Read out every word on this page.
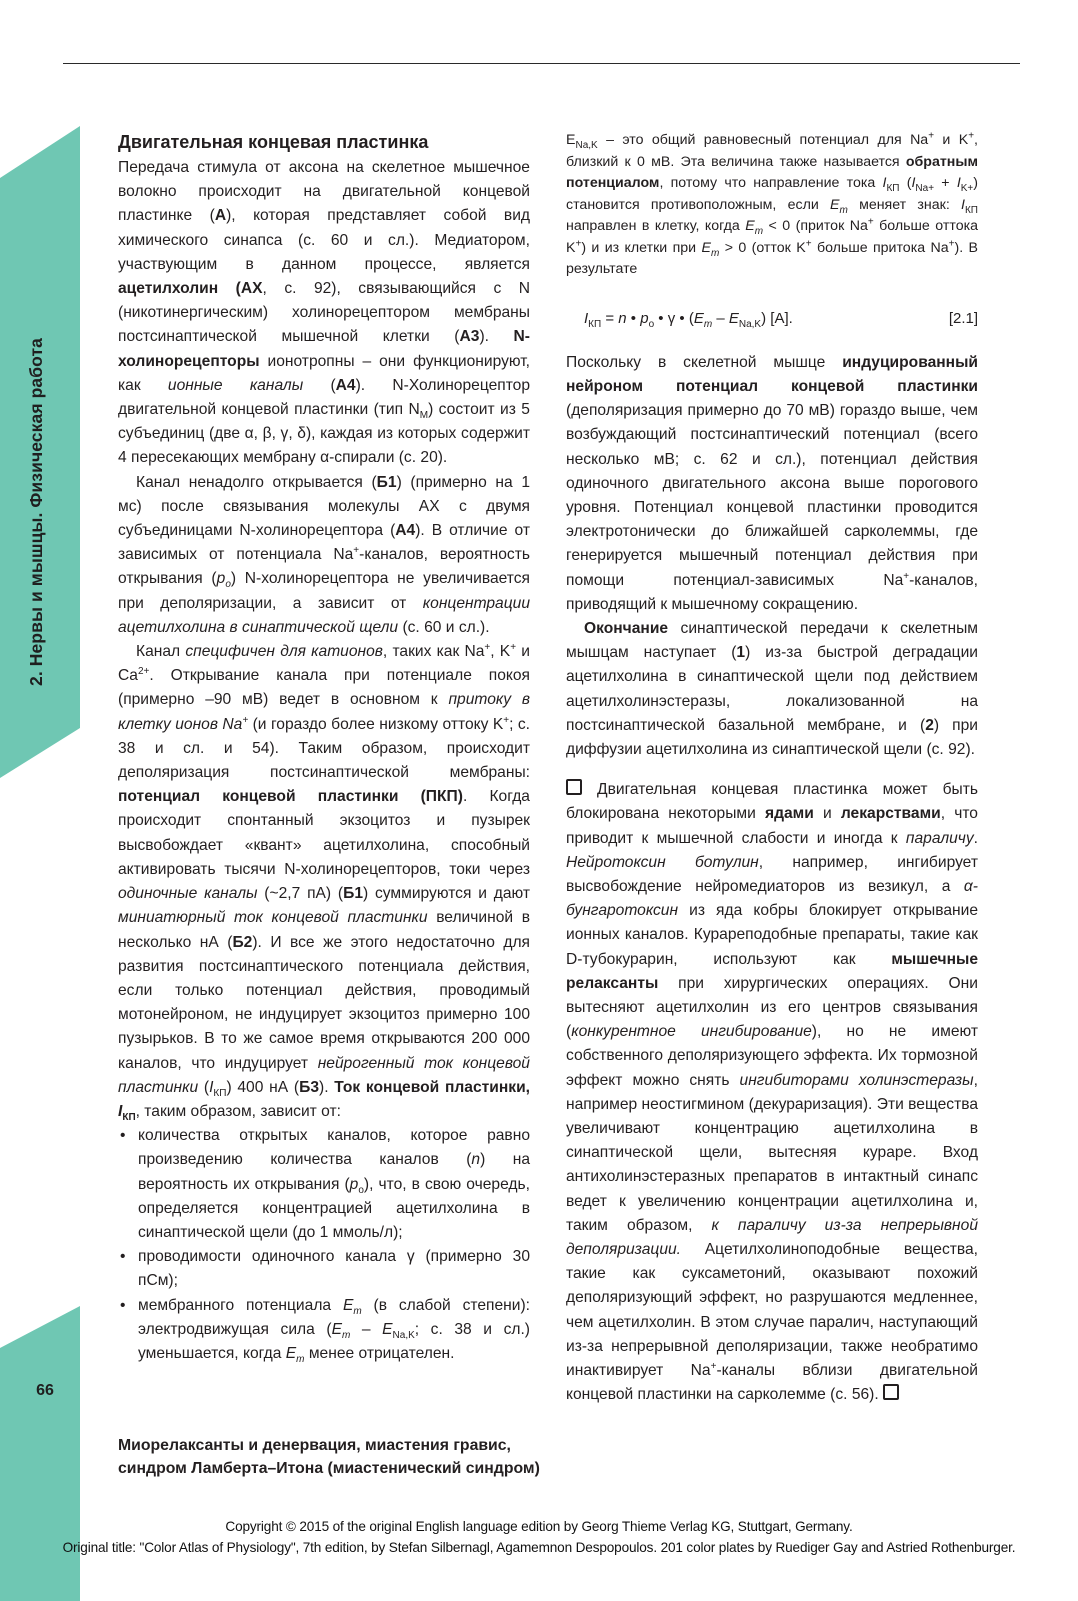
2. Нервы и мышцы. Физическая работа
66
Двигательная концевая пластинка

Передача стимула от аксона на скелетное мышечное волокно происходит на двигательной концевой пластинке (A), которая представляет собой вид химического синапса (с. 60 и сл.). Медиатором, участвующим в данном процессе, является ацетилхолин (АХ, с. 92), связывающийся с N (никотинергическим) холинорецептором мембраны постсинаптической мышечной клетки (A3). N-холинорецепторы ионотропны – они функционируют, как ионные каналы (A4). N-Холинорецептор двигательной концевой пластинки (тип $N_M$) состоит из 5 субъединиц (две α, β, γ, δ), каждая из которых содержит 4 пересекающих мембрану α-спирали (с. 20).

Канал ненадолго открывается (Б1) (примерно на 1 мс) после связывания молекулы АХ с двумя субъединицами N-холинорецептора (A4). В отличие от зависимых от потенциала Na+-каналов, вероятность открывания $(p_o)$ N-холинорецептора не увеличивается при деполяризации, а зависит от концентрации ацетилхолина в синаптической щели (с. 60 и сл.).

Канал специфичен для катионов, таких как Na+, K+ и $Ca^{2+}$. Открывание канала при потенциале покоя (примерно –90 мВ) ведет в основном к притоку в клетку ионов Na+ (и гораздо более низкому оттоку K+; с. 38 и сл. и 54). Таким образом, происходит деполяризация постсинаптической мембраны: потенциал концевой пластинки (ПКП). Когда происходит спонтанный экзоцитоз и пузырек высвобождает «квант» ацетилхолина, способный активировать тысячи N-холинорецепторов, токи через одиночные каналы (~2,7 пА) (Б1) суммируются и дают миниатюрный ток концевой пластинки величиной в несколько нА (Б2). И все же этого недостаточно для развития постсинаптического потенциала действия, если только потенциал действия, проводимый мотонейроном, не индуцирует экзоцитоз примерно 100 пузырьков. В то же самое время открываются 200 000 каналов, что индуцирует нейрогенный ток концевой пластинки $(I_{КП})$ 400 нА (Б3). Ток концевой пластинки, $I_{КП}$, таким образом, зависит от:

• количества открытых каналов, которое равно произведению количества каналов (n) на вероятность их открывания $(p_o)$, что, в свою очередь, определяется концентрацией ацетилхолина в синаптической щели (до 1 ммоль/л);
• проводимости одиночного канала γ (примерно 30 пСм);
• мембранного потенциала $E_m$ (в слабой степени): электродвижущая сила ($E_m - E_{Na,K}$; с. 38 и сл.) уменьшается, когда $E_m$ менее отрицателен.

$E_{Na,K}$ – это общий равновесный потенциал для Na+ и K+, близкий к 0 мВ. Эта величина также называется обратным потенциалом, потому что направление тока $I_{КП}$ $(I_{Na+} + I_{K+})$ становится противоположным, если $E_m$ меняет знак: $I_{КП}$ направлен в клетку, когда $E_m < 0$ (приток Na+ больше оттока K+) и из клетки при $E_m > 0$ (отток K+ больше притока Na+). В результате

$I_{КП} = n$ • $p_o$ • γ • $(E_m - E_{Na,K})$ [A].	[2.1]

Поскольку в скелетной мышце индуцированный нейроном потенциал концевой пластинки (деполяризация примерно до 70 мВ) гораздо выше, чем возбуждающий постсинаптический потенциал (всего несколько мВ; с. 62 и сл.), потенциал действия одиночного двигательного аксона выше порогового уровня. Потенциал концевой пластинки проводится электротонически до ближайшей сарколеммы, где генерируется мышечный потенциал действия при помощи потенциал-зависимых Na+-каналов, приводящий к мышечному сокращению.

Окончание синаптической передачи к скелетным мышцам наступает (1) из-за быстрой деградации ацетилхолина в синаптической щели под действием ацетилхолинэстеразы, локализованной на постсинаптической базальной мембране, и (2) при диффузии ацетилхолина из синаптической щели (с. 92).

Двигательная концевая пластинка может быть блокирована некоторыми ядами и лекарствами, что приводит к мышечной слабости и иногда к параличу. Нейротоксин ботулин, например, ингибирует высвобождение нейромедиаторов из везикул, а α-бунгаротоксин из яда кобры блокирует открывание ионных каналов. Курареподобные препараты, такие как D-тубокурарин, используют как мышечные релаксанты при хирургических операциях. Они вытесняют ацетилхолин из его центров связывания (конкурентное ингибирование), но не имеют собственного деполяризующего эффекта. Их тормозной эффект можно снять ингибиторами холинэстеразы, например неостигмином (декураризация). Эти вещества увеличивают концентрацию ацетилхолина в синаптической щели, вытесняя кураре. Вход антихолинэстеразных препаратов в интактный синапс ведет к увеличению концентрации ацетилхолина и, таким образом, к параличу из-за непрерывной деполяризации. Ацетилхолиноподобные вещества, такие как сукcаметоний, оказывают похожий деполяризующий эффект, но разрушаются медленнее, чем ацетилхолин. В этом случае паралич, наступающий из-за непрерывной деполяризации, также необратимо инактивирует Na+-каналы вблизи двигательной концевой пластинки на сарколемме (с. 56).

Миорелаксанты и денервация, миастения гравис,
синдром Ламберта–Итона (миастенический синдром)
Copyright © 2015 of the original English language edition by Georg Thieme Verlag KG, Stuttgart, Germany.
Original title: "Color Atlas of Physiology", 7th edition, by Stefan Silbernagl, Agamemnon Despopoulos. 201 color plates by Ruediger Gay and Astried Rothenburger.
